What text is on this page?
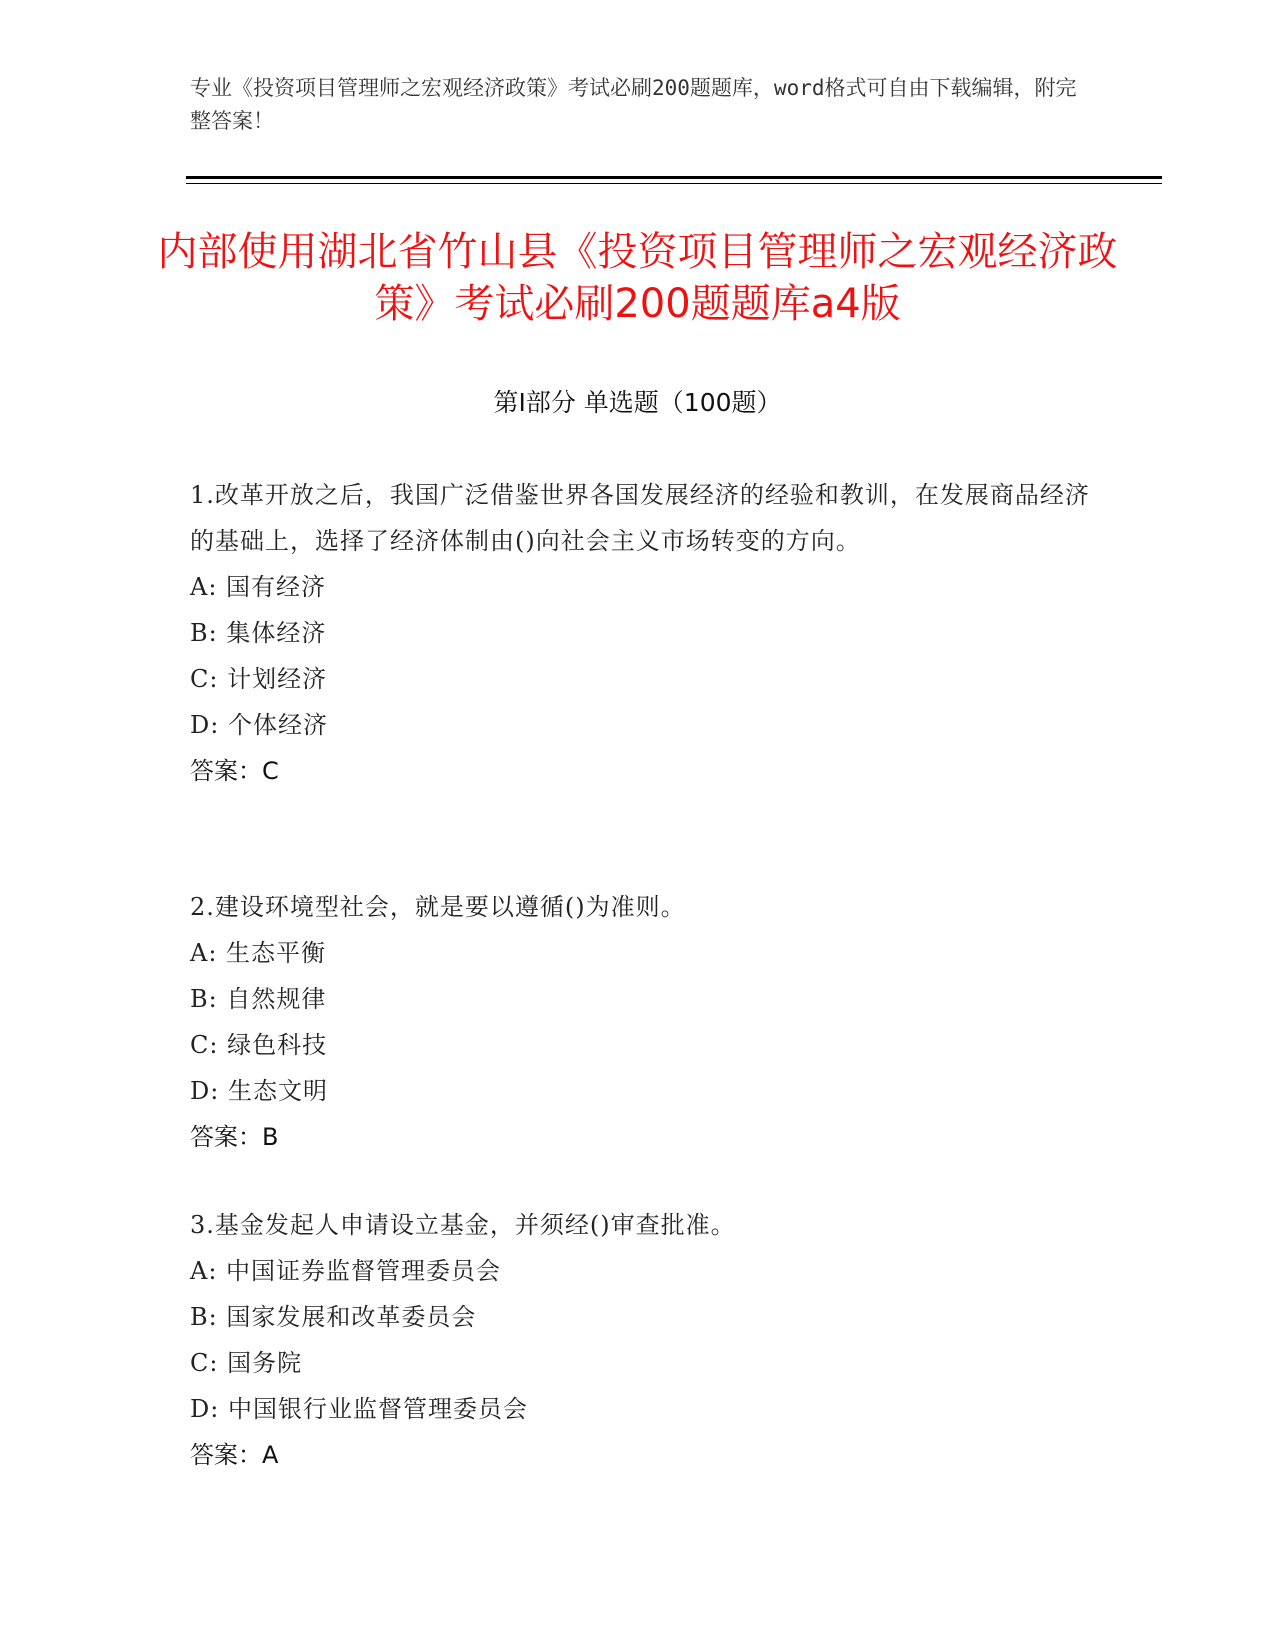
专业《投资项目管理师之宏观经济政策》考试必刷200题题库，word格式可自由下载编辑，附完整答案！
内部使用湖北省竹山县《投资项目管理师之宏观经济政策》考试必刷200题题库a4版
第Ⅰ部分 单选题（100题）
1.改革开放之后，我国广泛借鉴世界各国发展经济的经验和教训，在发展商品经济的基础上，选择了经济体制由()向社会主义市场转变的方向。
A: 国有经济
B: 集体经济
C: 计划经济
D: 个体经济
答案：C
2.建设环境型社会，就是要以遵循()为准则。
A: 生态平衡
B: 自然规律
C: 绿色科技
D: 生态文明
答案：B
3.基金发起人申请设立基金，并须经()审查批准。
A: 中国证券监督管理委员会
B: 国家发展和改革委员会
C: 国务院
D: 中国银行业监督管理委员会
答案：A
